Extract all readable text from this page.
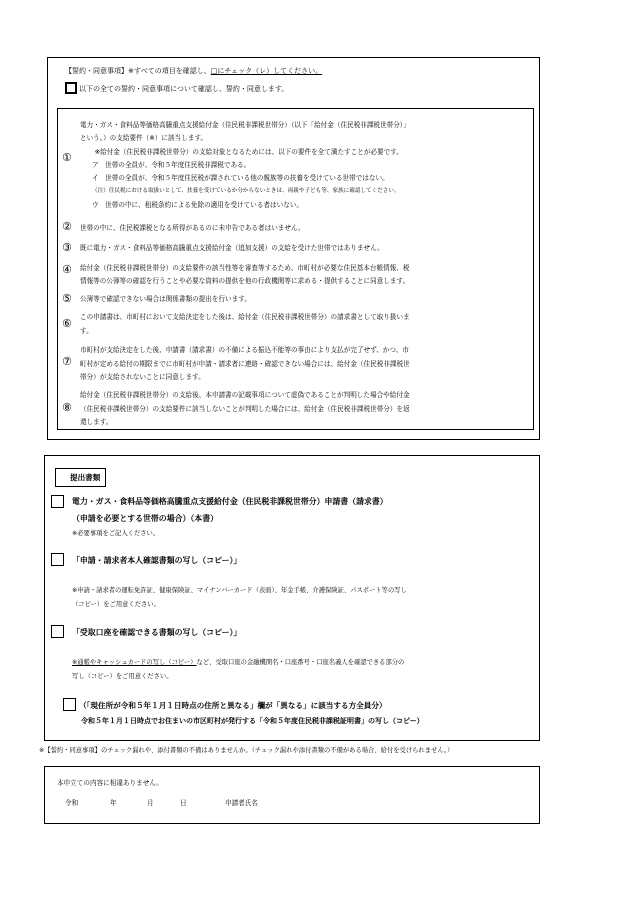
【誓約・同意事項】※すべての項目を確認し、□にチェック（レ）してください。
以下の全ての誓約・同意事項について確認し、誓約・同意します。
①
電力・ガス・食料品等価格高騰重点支援給付金（住民税非課税世帯分）（以下「給付金（住民税非課税世帯分）」
という。）の支給要件（※）に該当します。
　※給付金（住民税非課税世帯分）の支給対象となるためには、以下の要件を全て満たすことが必要です。
ア　世帯の全員が、令和５年度住民税非課税である。
イ　世帯の全員が、令和５年度住民税が課されている他の親族等の扶養を受けている世帯ではない。
（注）住民税における取扱いとして、扶養を受けているか分からないときは、両親や子ども等、家族に確認してください。
ウ　世帯の中に、租税条約による免除の適用を受けている者はいない。
② 世帯の中に、住民税課税となる所得があるのに未申告である者はいません。
③ 既に電力・ガス・食料品等価格高騰重点支援給付金（追加支援）の支給を受けた世帯ではありません。
④ 給付金（住民税非課税世帯分）の支給要件の該当性等を審査等するため、市町村が必要な住民基本台帳情報、税
情報等の公簿等の確認を行うことや必要な資料の提供を他の行政機関等に求める・提供することに同意します。
⑤ 公簿等で確認できない場合は関係書類の提出を行います。
⑥ この申請書は、市町村において支給決定をした後は、給付金（住民税非課税世帯分）の請求書として取り扱いま
す。
⑦
市町村が支給決定をした後、申請書（請求書）の不備による振込不能等の事由により支払が完了せず、かつ、市
町村が定める給付の期限までに市町村が申請・請求者に連絡・確認できない場合には、給付金（住民税非課税世
帯分）が支給されないことに同意します。
⑧
給付金（住民税非課税世帯分）の支給後、本申請書の記載事項について虚偽であることが判明した場合や給付金
（住民税非課税世帯分）の支給要件に該当しないことが判明した場合には、給付金（住民税非課税世帯分）を返
還します。
提出書類
電力・ガス・食料品等価格高騰重点支援給付金（住民税非課税世帯分）申請書（請求書）
（申請を必要とする世帯の場合）（本書）
※必要事項をご記入ください。
「申請・請求者本人確認書類の写し（コピー）」
※申請・請求者の運転免許証、健康保険証、マイナンバーカード（表面）、年金手帳、介護保険証、パスポート等の写し
（コピー）をご用意ください。
「受取口座を確認できる書類の写し（コピー）」
※通帳やキャッシュカードの写し（コピー）など、受取口座の金融機関名・口座番号・口座名義人を確認できる部分の
写し（コピー）をご用意ください。
（「現住所が令和５年１月１日時点の住所と異なる」欄が「異なる」に該当する方全員分）
令和５年１月１日時点でお住まいの市区町村が発行する「令和５年度住民税非課税証明書」の写し（コピー）
※【誓約・同意事項】のチェック漏れや、添付書類の不備はありませんか。（チェック漏れや添付書類の不備がある場合、給付を受けられません。）
本申立ての内容に相違ありません。
令和	年	月	日	申請者氏名
